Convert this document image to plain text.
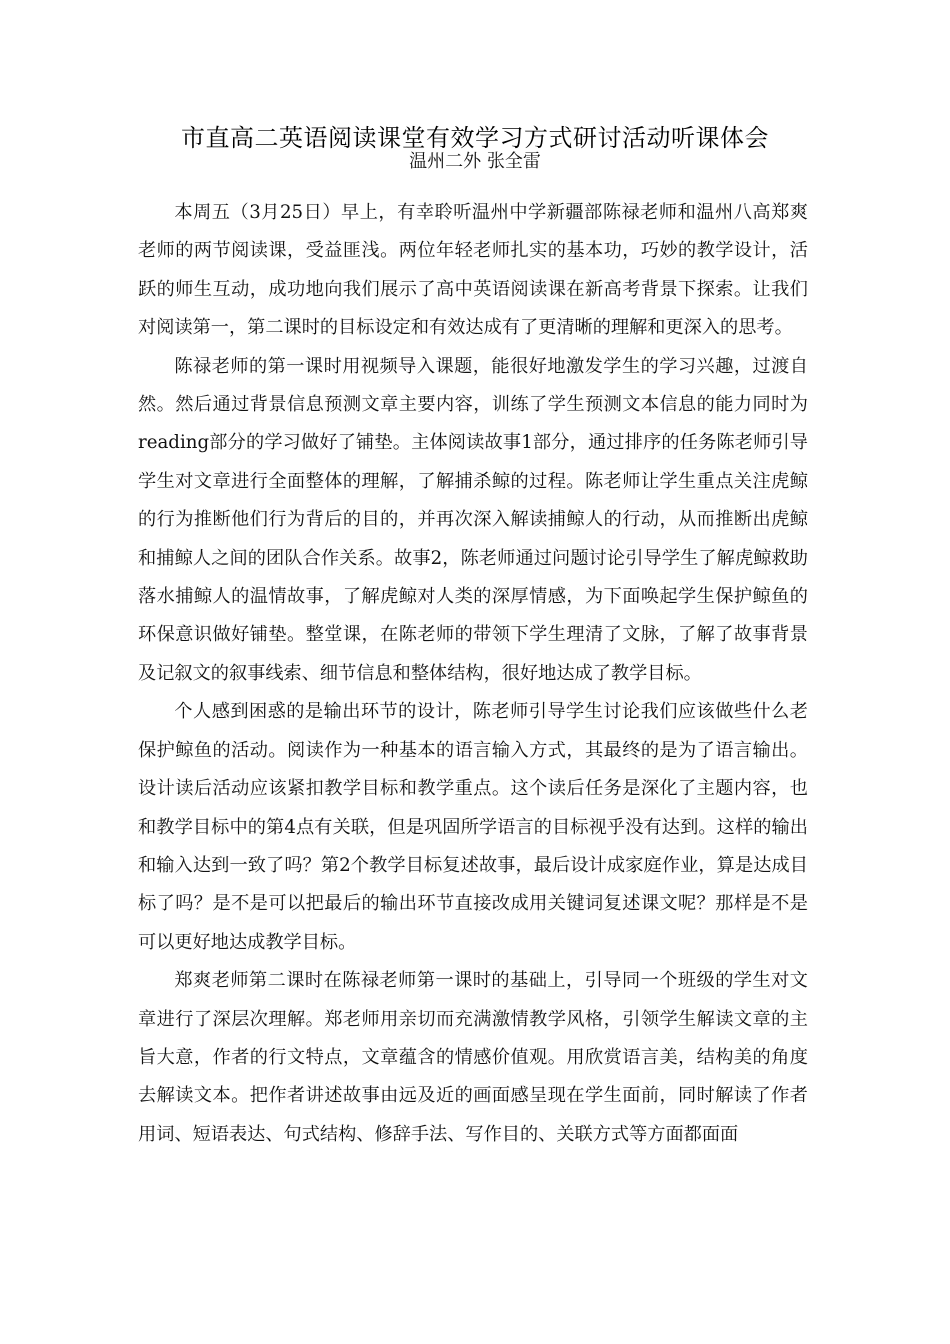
市直高二英语阅读课堂有效学习方式研讨活动听课体会
温州二外 张全雷

本周五（3月25日）早上，有幸聆听温州中学新疆部陈禄老师和温州八高郑爽老师的两节阅读课，受益匪浅。两位年轻老师扎实的基本功，巧妙的教学设计，活跃的师生互动，成功地向我们展示了高中英语阅读课在新高考背景下探索。让我们对阅读第一，第二课时的目标设定和有效达成有了更清晰的理解和更深入的思考。

陈禄老师的第一课时用视频导入课题，能很好地激发学生的学习兴趣，过渡自然。然后通过背景信息预测文章主要内容，训练了学生预测文本信息的能力同时为reading部分的学习做好了铺垫。主体阅读故事1部分，通过排序的任务陈老师引导学生对文章进行全面整体的理解，了解捕杀鲸的过程。陈老师让学生重点关注虎鲸的行为推断他们行为背后的目的，并再次深入解读捕鲸人的行动，从而推断出虎鲸和捕鲸人之间的团队合作关系。故事2，陈老师通过问题讨论引导学生了解虎鲸救助落水捕鲸人的温情故事，了解虎鲸对人类的深厚情感，为下面唤起学生保护鲸鱼的环保意识做好铺垫。整堂课，在陈老师的带领下学生理清了文脉，了解了故事背景及记叙文的叙事线索、细节信息和整体结构，很好地达成了教学目标。

个人感到困惑的是输出环节的设计，陈老师引导学生讨论我们应该做些什么老保护鲸鱼的活动。阅读作为一种基本的语言输入方式，其最终的是为了语言输出。设计读后活动应该紧扣教学目标和教学重点。这个读后任务是深化了主题内容，也和教学目标中的第4点有关联，但是巩固所学语言的目标视乎没有达到。这样的输出和输入达到一致了吗？第2个教学目标复述故事，最后设计成家庭作业，算是达成目标了吗？是不是可以把最后的输出环节直接改成用关键词复述课文呢？那样是不是可以更好地达成教学目标。

郑爽老师第二课时在陈禄老师第一课时的基础上，引导同一个班级的学生对文章进行了深层次理解。郑老师用亲切而充满激情教学风格，引领学生解读文章的主旨大意，作者的行文特点，文章蕴含的情感价值观。用欣赏语言美，结构美的角度去解读文本。把作者讲述故事由远及近的画面感呈现在学生面前，同时解读了作者用词、短语表达、句式结构、修辞手法、写作目的、关联方式等方面都面面
